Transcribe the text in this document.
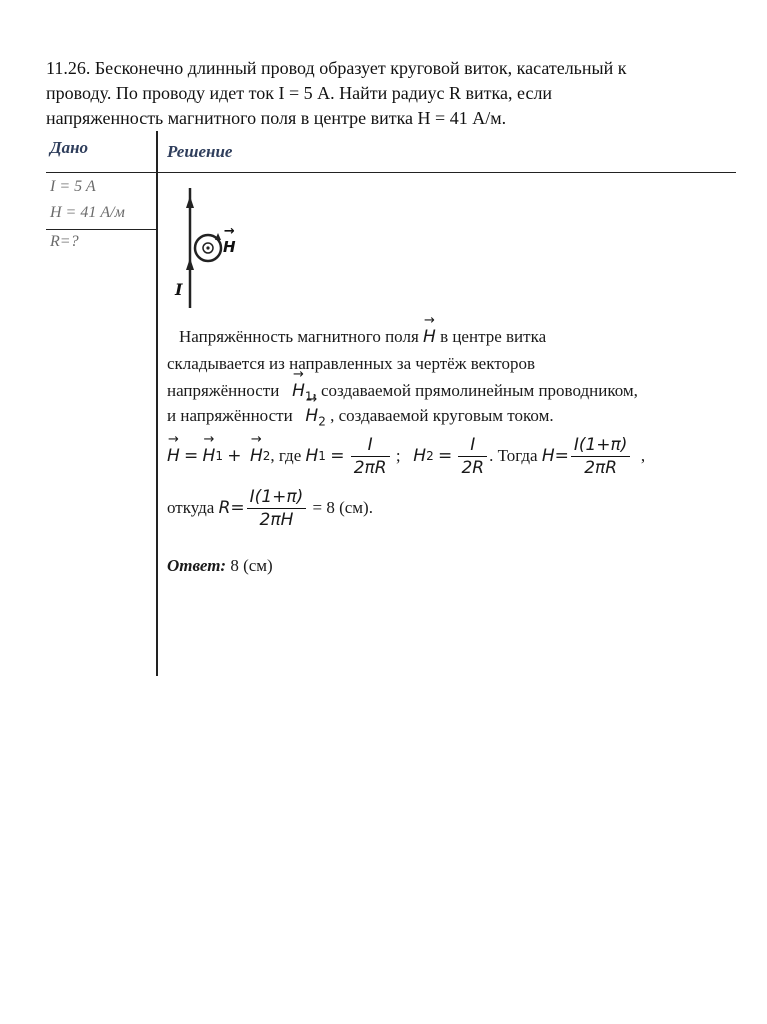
11.26. Бесконечно длинный провод образует круговой виток, касательный к
проводу. По проводу идет ток I = 5 А. Найти радиус R витка, если
напряженность магнитного поля в центре витка H = 41 А/м.
Дано	Решение
I = 5 A
H = 41 А/м
R=?	→ H
I
Напряжённость магнитного поля → H в центре витка
складывается из направленных за чертёж векторов
напряжённости → $H_1$, создаваемой прямолинейным проводником,
и напряжённости → $H_2$ , создаваемой круговым током.
→ H
=
→ H 1
+
→ H 2 , где
H 1
=
$\frac{I}{2\pi R}$
;
H 2
=
$\frac{I}{2R}$ . Тогда
$H= \frac{I(1+\pi)}{2\pi R}$
,
откуда
$R= \frac{I(1+\pi)}{2\pi H}$
= 8 (см).
Ответ: 8 (см)
